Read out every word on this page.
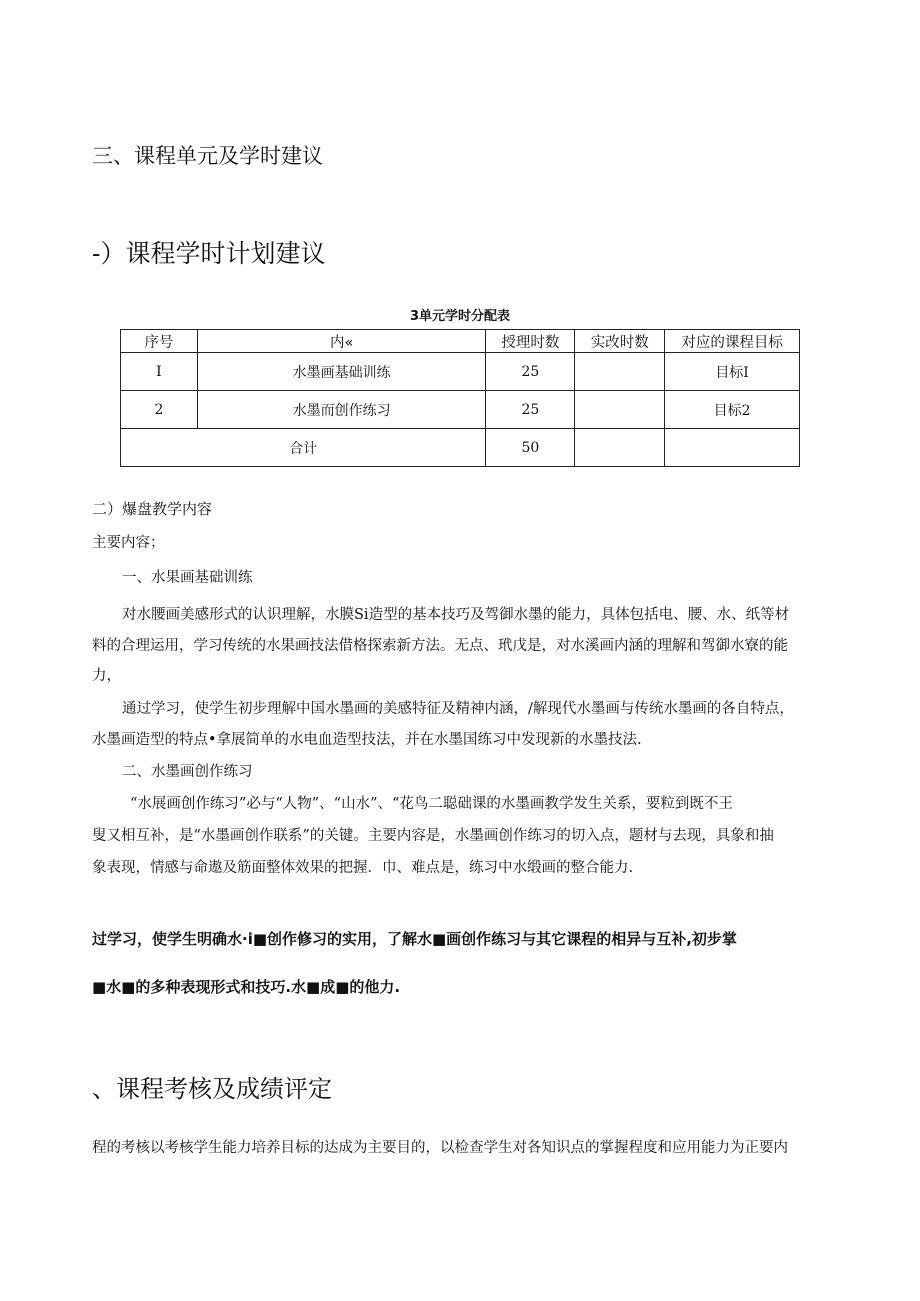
三、课程单元及学时建议
-）课程学时计划建议
3单元学时分配表
序号	内«	授理时数	实改时数	对应的课程目标
I	水墨画基础训练	25		目标I
2	水墨而创作练习	25		目标2
合计		50		
二）爆盘教学内容
主要内容；
一、水果画基础训练
对水腰画美感形式的认识理解，水膜Si造型的基本技巧及驾御水墨的能力，具体包括电、腰、水、纸等材
料的合理运用，学习传统的水果画技法借格探索新方法。无点、玳戊是，对水溪画内涵的理解和驾御水寮的能
力，
通过学习，使学生初步理解中国水墨画的美感特征及精神内涵，/解现代水墨画与传统水墨画的各自特点，
水墨画造型的特点•拿展简单的水电血造型技法，并在水墨国练习中发现新的水墨技法.
二、水墨画创作练习
“水展画创作练习”必与“人物”、“山水”、“花鸟二聪础课的水墨画教学发生关系，要粒到既不王
叟又相互补，是“水墨画创作联系”的关键。主要内容是，水墨画创作练习的切入点，题材与去现，具象和抽
象表现，情感与命遨及筋面整体效果的把握．巾、难点是，练习中水缎画的整合能力.
过学习，使学生明确水·i■创作修习的实用，了解水■画创作练习与其它课程的相异与互补,初步掌
■水■的多种表现形式和技巧.水■成■的他力.
、课程考核及成绩评定
程的考核以考核学生能力培养目标的达成为主要目的，以检查学生对各知识点的掌握程度和应用能力为正要内
